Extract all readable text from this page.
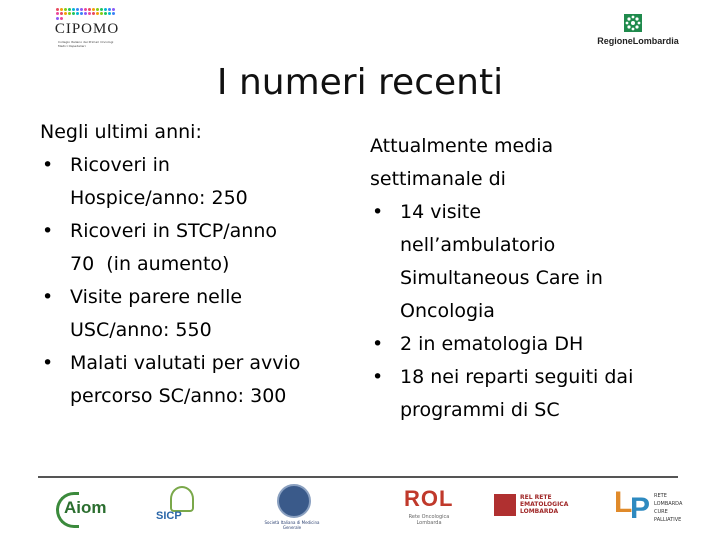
CIPOMO
Collegio Italiano dei Primari Oncologi Medici Ospedalieri	RegioneLombardia
I numeri recenti
Negli ultimi anni:
• Ricoveri in
Hospice/anno: 250
• Ricoveri in STCP/anno
70  (in aumento)
• Visite parere nelle
USC/anno: 550
• Malati valutati per avvio
percorso SC/anno: 300
Attualmente media
settimanale di
• 14 visite
nell’ambulatorio
Simultaneous Care in
Oncologia
• 2 in ematologia DH
• 18 nei reparti seguiti dai
programmi di SC
Aiom	SICP
Società Italiana di Medicina Generale
ROL
Rete Oncologica Lombarda
REL RETE EMATOLOGICA LOMBARDA L
P RETE LOMBARDA CURE PALLIATIVE
